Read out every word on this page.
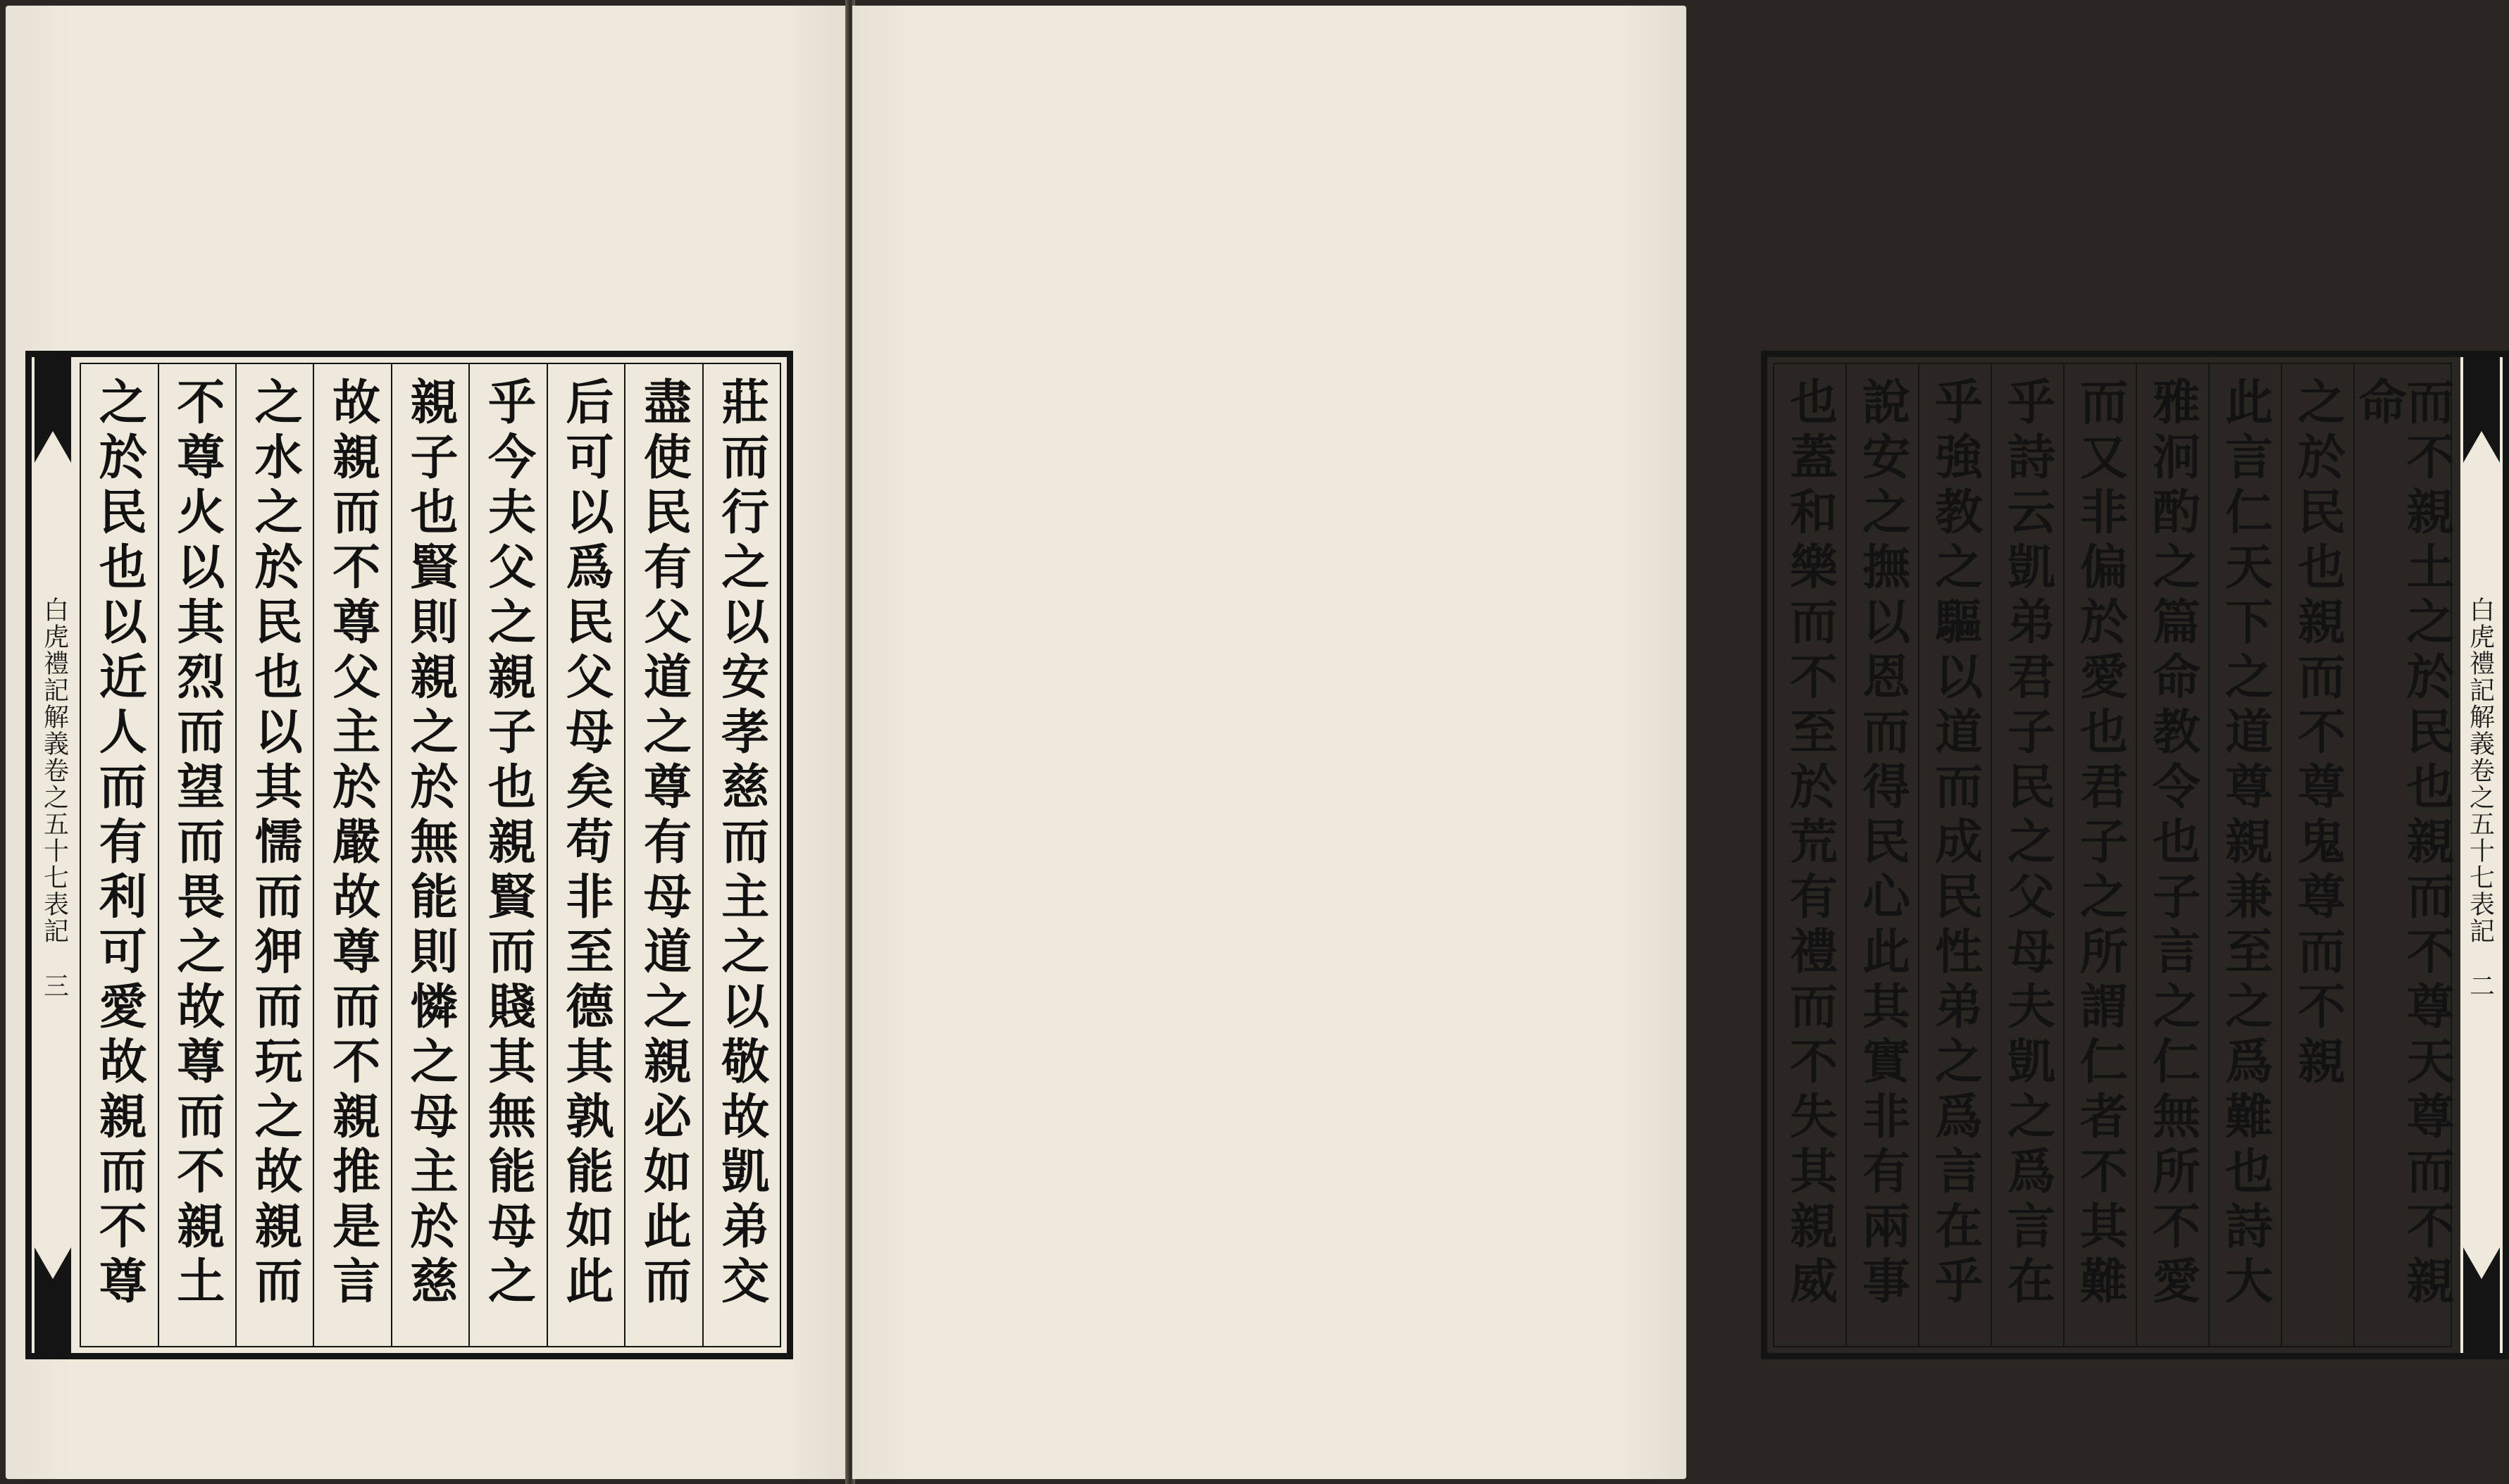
白虎禮記解義卷之五十七表記
三	莊而行之以安孝慈而主之以敬故凱弟交
盡使民有父道之尊有母道之親必如此而
后可以爲民父母矣苟非至德其孰能如此
乎今夫父之親子也親賢而賤其無能母之
親子也賢則親之於無能則憐之母主於慈
故親而不尊父主於嚴故尊而不親推是言
之水之於民也以其懦而狎而玩之故親而
不尊火以其烈而望而畏之故尊而不親土
之於民也以近人而有利可愛故親而不尊	白虎禮記解義卷之五十七表記
二
而不親土之於民也親而不尊天尊而不親命
之於民也親而不尊鬼尊而不親
此言仁天下之道尊親兼至之爲難也詩大
雅泂酌之篇命教令也子言之仁無所不愛
而又非偏於愛也君子之所謂仁者不其難
乎詩云凱弟君子民之父母夫凱之爲言在
乎強教之驅以道而成民性弟之爲言在乎
說安之撫以恩而得民心此其實非有兩事
也蓋和樂而不至於荒有禮而不失其親威
